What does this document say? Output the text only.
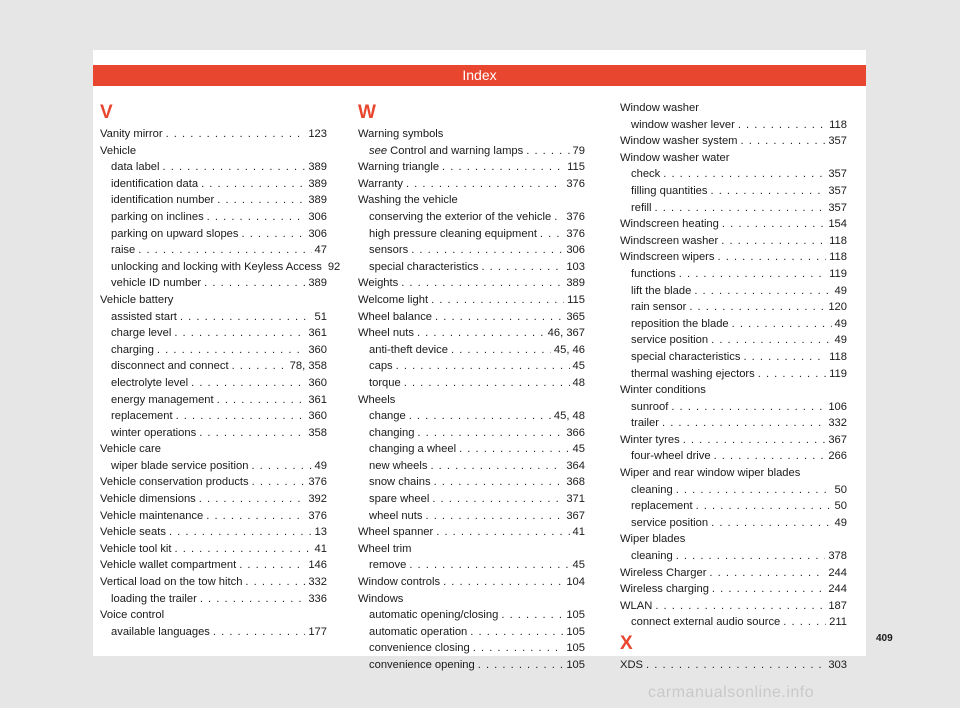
Index
V
Vanity mirror . . .	123
Vehicle
data label . . .	389
identification data . . .	389
identification number . . .	389
parking on inclines . . .	306
parking on upward slopes . . .	306
raise . . .	47
unlocking and locking with Keyless Access 92
vehicle ID number . . .	389
Vehicle battery
assisted start . . .	51
charge level . . .	361
charging . . .	360
disconnect and connect . . .	78, 358
electrolyte level . . .	360
energy management . . .	361
replacement . . .	360
winter operations . . .	358
Vehicle care
wiper blade service position . . .	49
Vehicle conservation products . . .	376
Vehicle dimensions . . .	392
Vehicle maintenance . . .	376
Vehicle seats . . .	13
Vehicle tool kit . . .	41
Vehicle wallet compartment . . .	146
Vertical load on the tow hitch . . .	332
loading the trailer . . .	336
Voice control
available languages . . .	177
W
Warning symbols
see Control and warning lamps . . .	79
Warning triangle . . .	115
Warranty . . .	376
Washing the vehicle
conserving the exterior of the vehicle . . . 376
high pressure cleaning equipment . . .	376
sensors . . .	306
special characteristics . . .	103
Weights . . .	389
Welcome light . . .	115
Wheel balance . . .	365
Wheel nuts . . .	46, 367
anti-theft device . . .	45, 46
caps . . .	45
torque . . .	48
Wheels
change . . .	45, 48
changing . . .	366
changing a wheel . . .	45
new wheels . . .	364
snow chains . . .	368
spare wheel . . .	371
wheel nuts . . .	367
Wheel spanner . . .	41
Wheel trim
remove . . .	45
Window controls . . .	104
Windows
automatic opening/closing . . .	105
automatic operation . . .	105
convenience closing . . .	105
convenience opening . . .	105
Window washer
window washer lever . . .	118
Window washer system . . .	357
Window washer water
check . . .	357
filling quantities . . .	357
refill . . .	357
Windscreen heating . . .	154
Windscreen washer . . .	118
Windscreen wipers . . .	118
functions . . .	119
lift the blade . . .	49
rain sensor . . .	120
reposition the blade . . .	49
service position . . .	49
special characteristics . . .	118
thermal washing ejectors . . .	119
Winter conditions
sunroof . . .	106
trailer . . .	332
Winter tyres . . .	367
four-wheel drive . . .	266
Wiper and rear window wiper blades
cleaning . . .	50
replacement . . .	50
service position . . .	49
Wiper blades
cleaning . . .	378
Wireless Charger . . .	244
Wireless charging . . .	244
WLAN . . .	187
connect external audio source . . .	211
X
XDS . . .	303
409
carmanualsonline.info
